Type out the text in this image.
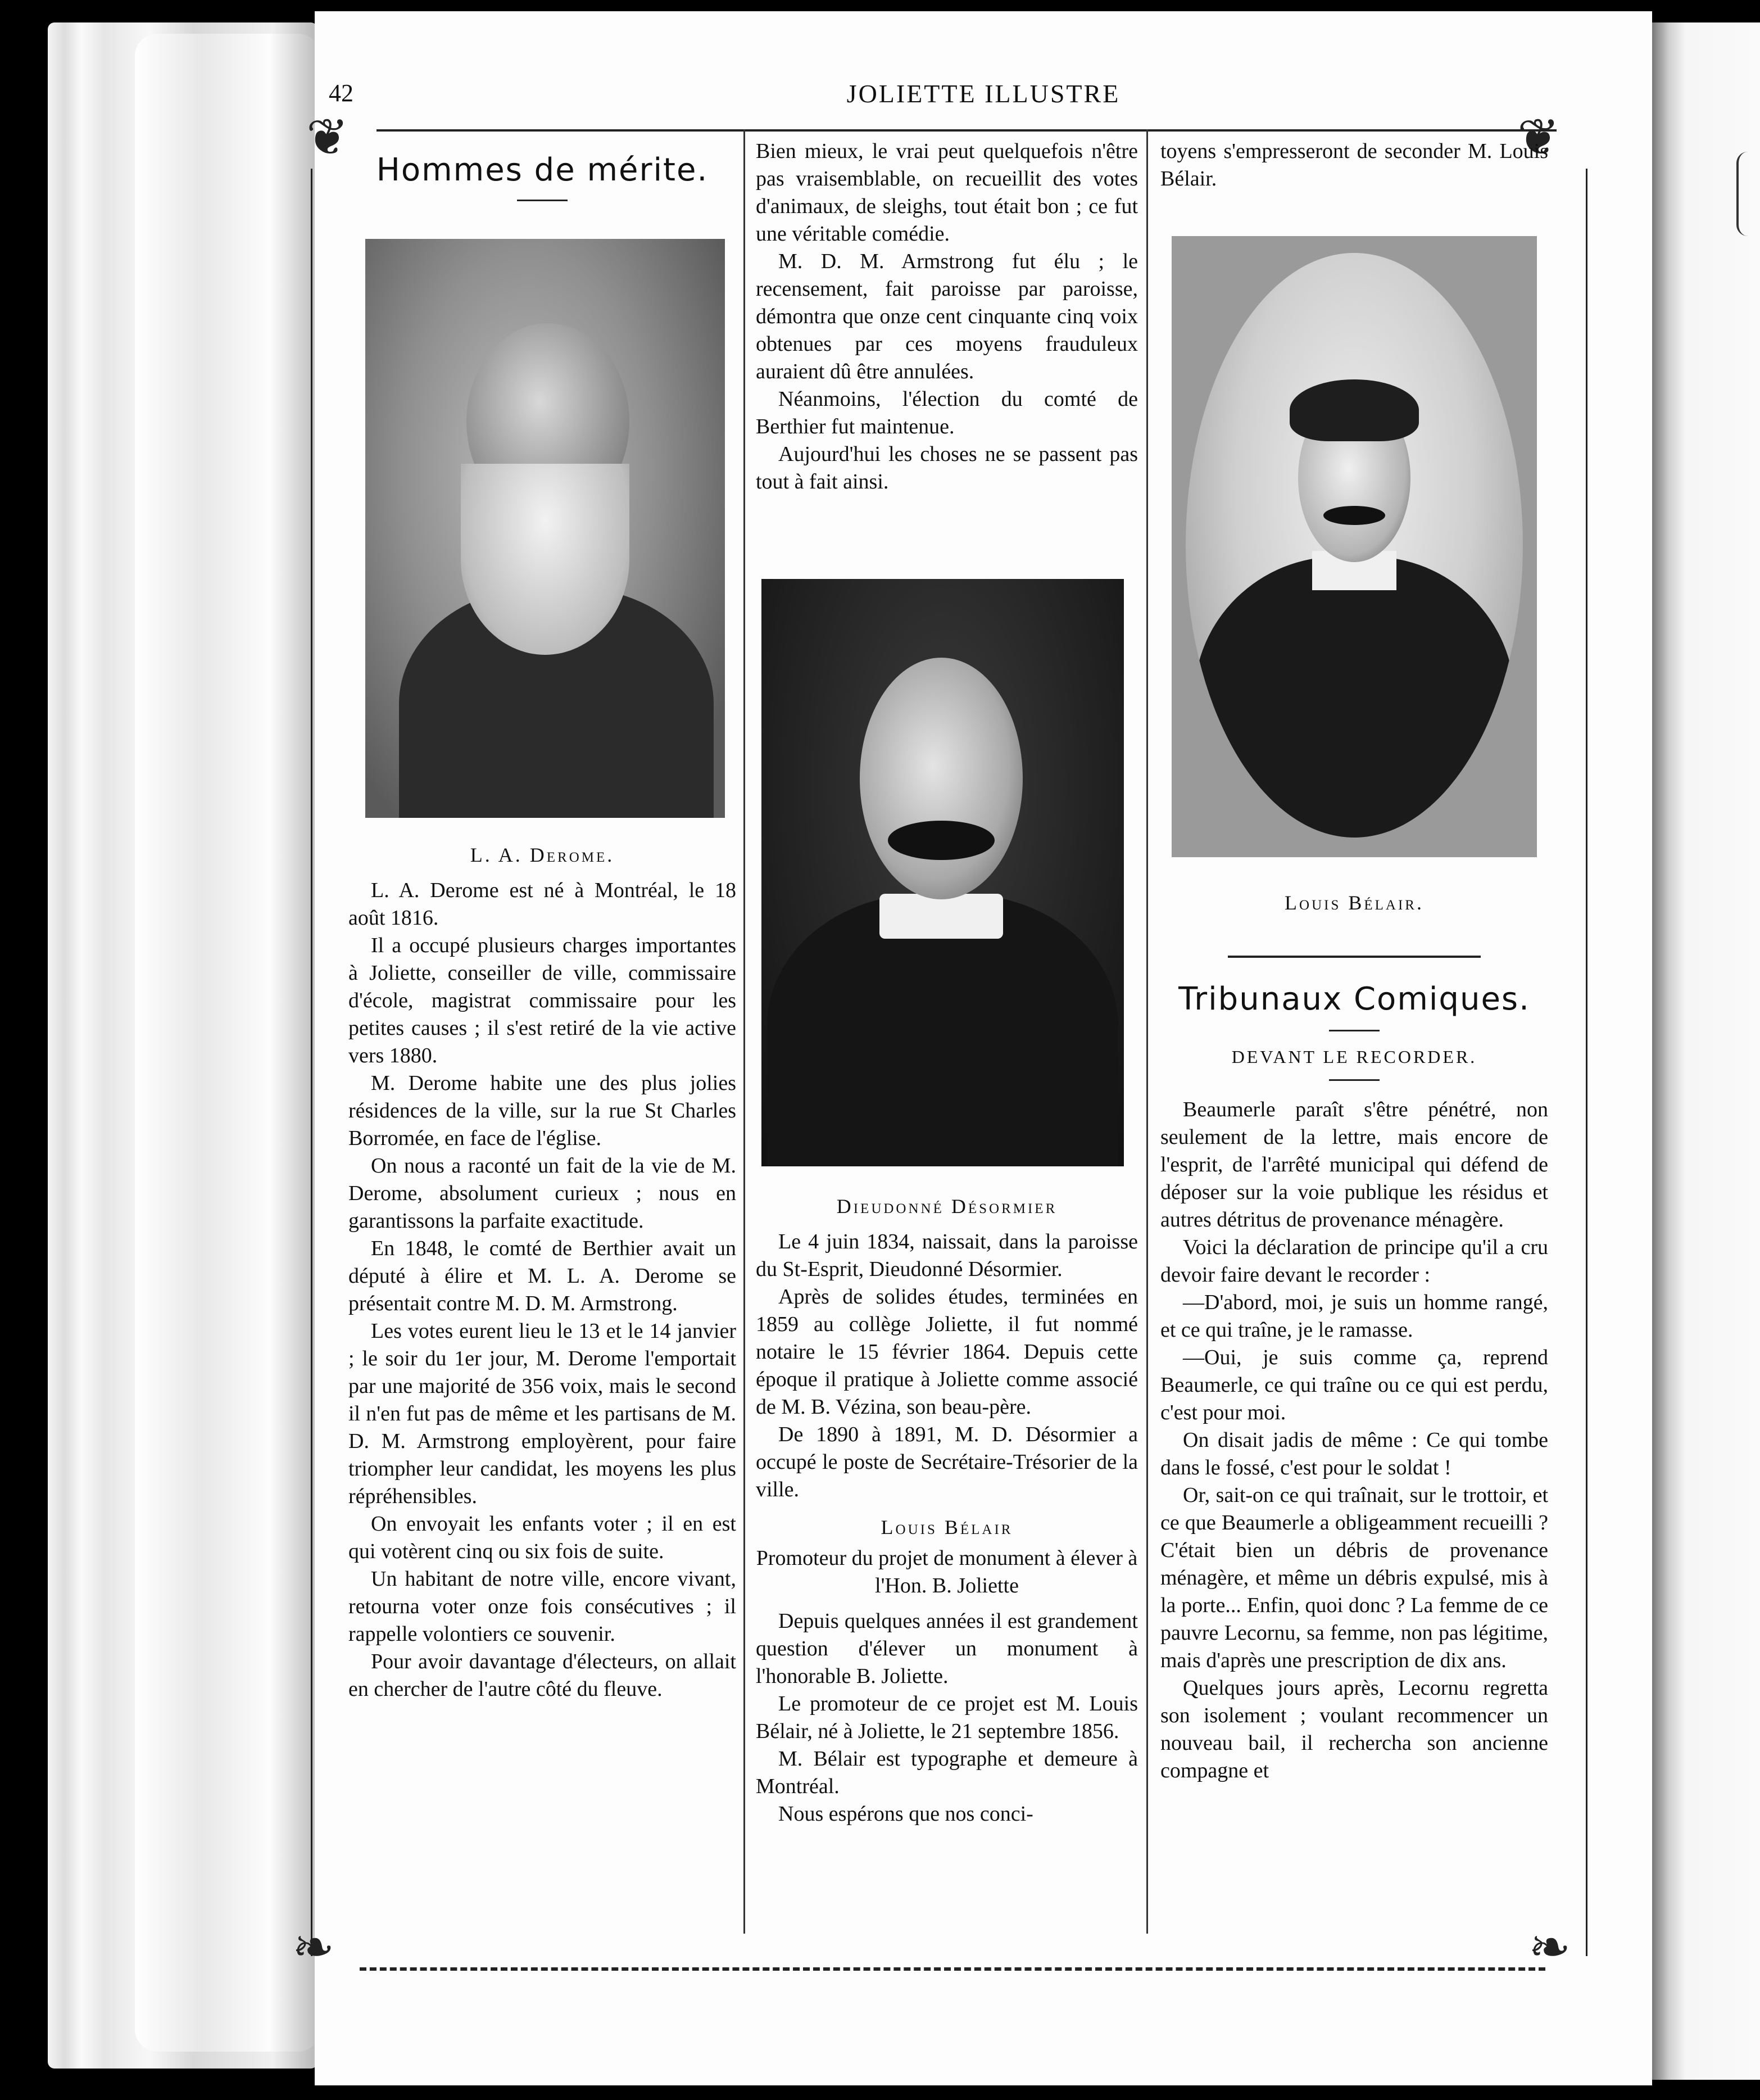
JOLIETTE ILLUSTRE
42
❦	❦
❧	❧
Hommes de mérite.
L. A. Derome.

L. A. Derome est né à Montréal, le 18 août 1816.

Il a occupé plusieurs charges importantes à Joliette, conseiller de ville, commissaire d'école, magistrat commissaire pour les petites causes ; il s'est retiré de la vie active vers 1880.

M. Derome habite une des plus jolies résidences de la ville, sur la rue St Charles Borromée, en face de l'église.

On nous a raconté un fait de la vie de M. Derome, absolument curieux ; nous en garantissons la parfaite exactitude.

En 1848, le comté de Berthier avait un député à élire et M. L. A. Derome se présentait contre M. D. M. Armstrong.

Les votes eurent lieu le 13 et le 14 janvier ; le soir du 1er jour, M. Derome l'emportait par une majorité de 356 voix, mais le second il n'en fut pas de même et les partisans de M. D. M. Armstrong employèrent, pour faire triompher leur candidat, les moyens les plus répréhensibles.

On envoyait les enfants voter ; il en est qui votèrent cinq ou six fois de suite.

Un habitant de notre ville, encore vivant, retourna voter onze fois consécutives ; il rappelle volontiers ce souvenir.

Pour avoir davantage d'électeurs, on allait en chercher de l'autre côté du fleuve.

Bien mieux, le vrai peut quelquefois n'être pas vraisemblable, on recueillit des votes d'animaux, de sleighs, tout était bon ; ce fut une véritable comédie.

M. D. M. Armstrong fut élu ; le recensement, fait paroisse par paroisse, démontra que onze cent cinquante cinq voix obtenues par ces moyens frauduleux auraient dû être annulées.

Néanmoins, l'élection du comté de Berthier fut maintenue.

Aujourd'hui les choses ne se passent pas tout à fait ainsi.

Dieudonné Désormier

Le 4 juin 1834, naissait, dans la paroisse du St-Esprit, Dieudonné Désormier.

Après de solides études, terminées en 1859 au collège Joliette, il fut nommé notaire le 15 février 1864. Depuis cette époque il pratique à Joliette comme associé de M. B. Vézina, son beau-père.

De 1890 à 1891, M. D. Désormier a occupé le poste de Secrétaire-Trésorier de la ville.

Louis Bélair
Promoteur du projet de monument à élever à l'Hon. B. Joliette

Depuis quelques années il est grandement question d'élever un monument à l'honorable B. Joliette.

Le promoteur de ce projet est M. Louis Bélair, né à Joliette, le 21 septembre 1856.

M. Bélair est typographe et demeure à Montréal.

Nous espérons que nos conci-

toyens s'empresseront de seconder M. Louis Bélair.

Louis Bélair.
Tribunaux Comiques.
DEVANT LE RECORDER.

Beaumerle paraît s'être pénétré, non seulement de la lettre, mais encore de l'esprit, de l'arrêté municipal qui défend de déposer sur la voie publique les résidus et autres détritus de provenance ménagère.

Voici la déclaration de principe qu'il a cru devoir faire devant le recorder :

—D'abord, moi, je suis un homme rangé, et ce qui traîne, je le ramasse.

—Oui, je suis comme ça, reprend Beaumerle, ce qui traîne ou ce qui est perdu, c'est pour moi.

On disait jadis de même : Ce qui tombe dans le fossé, c'est pour le soldat !

Or, sait-on ce qui traînait, sur le trottoir, et ce que Beaumerle a obligeamment recueilli ? C'était bien un débris de provenance ménagère, et même un débris expulsé, mis à la porte... Enfin, quoi donc ? La femme de ce pauvre Lecornu, sa femme, non pas légitime, mais d'après une prescription de dix ans.

Quelques jours après, Lecornu regretta son isolement ; voulant recommencer un nouveau bail, il rechercha son ancienne compagne et
